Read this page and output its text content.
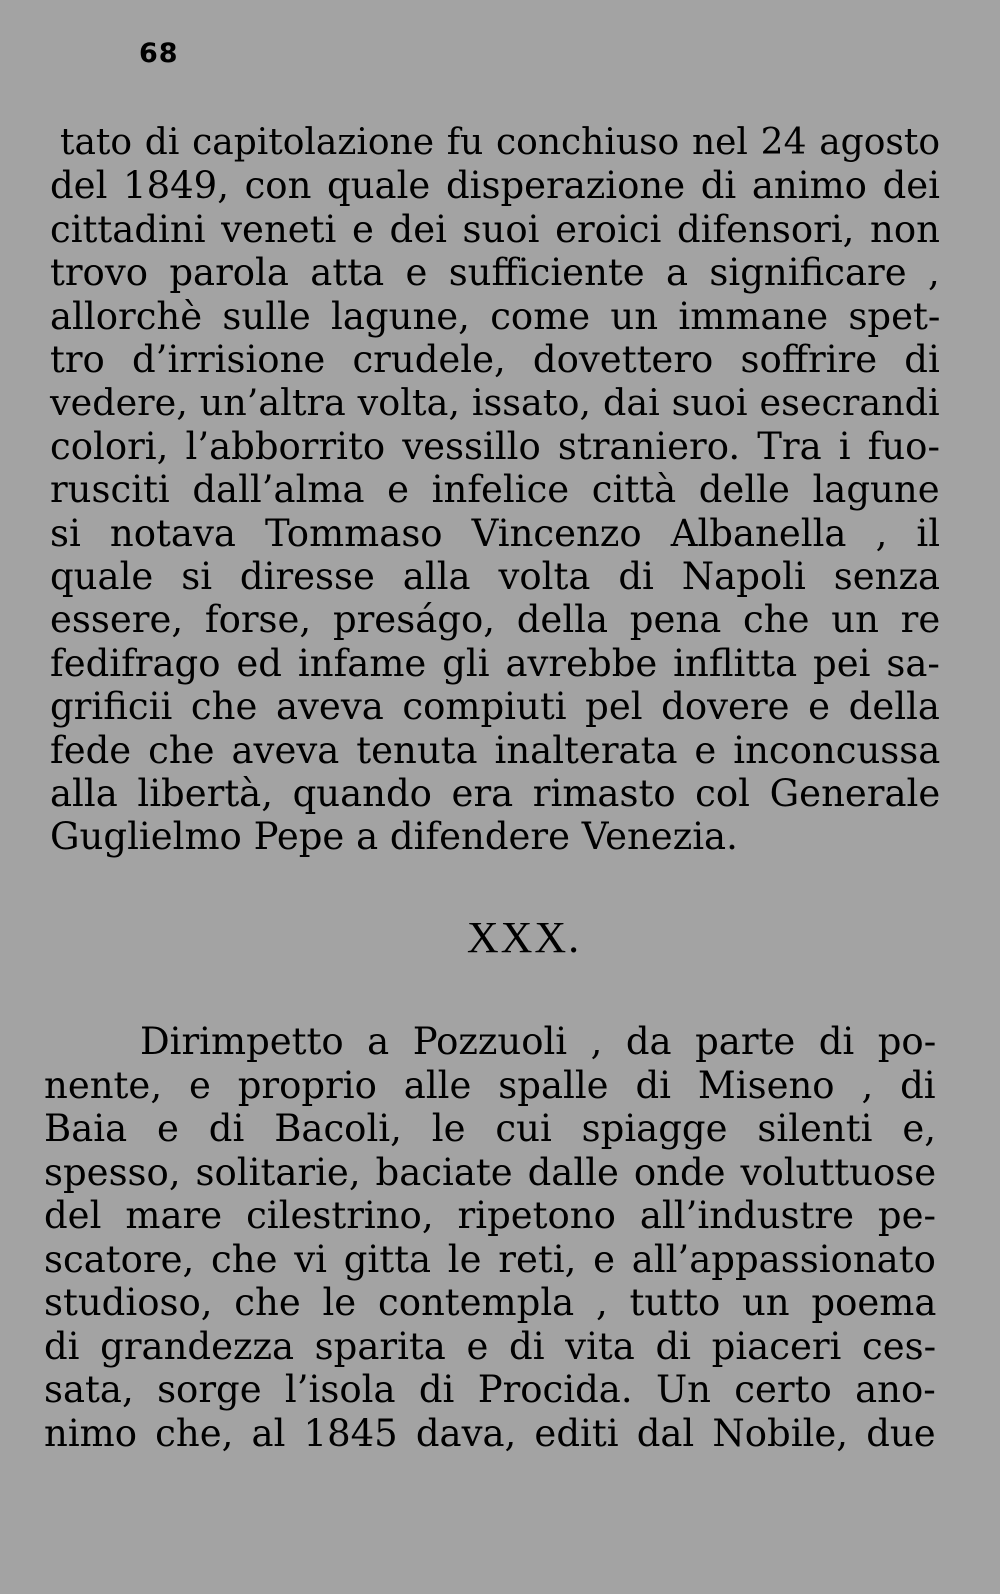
68
tato di capitolazione fu conchiuso nel 24 agosto
del 1849, con quale disperazione di animo dei
cittadini veneti e dei suoi eroici difensori, non
trovo parola atta e sufficiente a significare ,
allorchè sulle lagune, come un immane spet-
tro d’irrisione crudele, dovettero soffrire di
vedere, un’altra volta, issato, dai suoi esecrandi
colori, l’abborrito vessillo straniero. Tra i fuo-
rusciti dall’alma e infelice città delle lagune
si notava Tommaso Vincenzo Albanella , il
quale si diresse alla volta di Napoli senza
essere, forse, preságo, della pena che un re
fedifrago ed infame gli avrebbe inflitta pei sa-
grificii che aveva compiuti pel dovere e della
fede che aveva tenuta inalterata e inconcussa
alla libertà, quando era rimasto col Generale
Guglielmo Pepe a difendere Venezia.
XXX.
Dirimpetto a Pozzuoli , da parte di po-
nente, e proprio alle spalle di Miseno , di
Baia e di Bacoli, le cui spiagge silenti e,
spesso, solitarie, baciate dalle onde voluttuose
del mare cilestrino, ripetono all’industre pe-
scatore, che vi gitta le reti, e all’appassionato
studioso, che le contempla , tutto un poema
di grandezza sparita e di vita di piaceri ces-
sata, sorge l’isola di Procida. Un certo ano-
nimo che, al 1845 dava, editi dal Nobile, due
